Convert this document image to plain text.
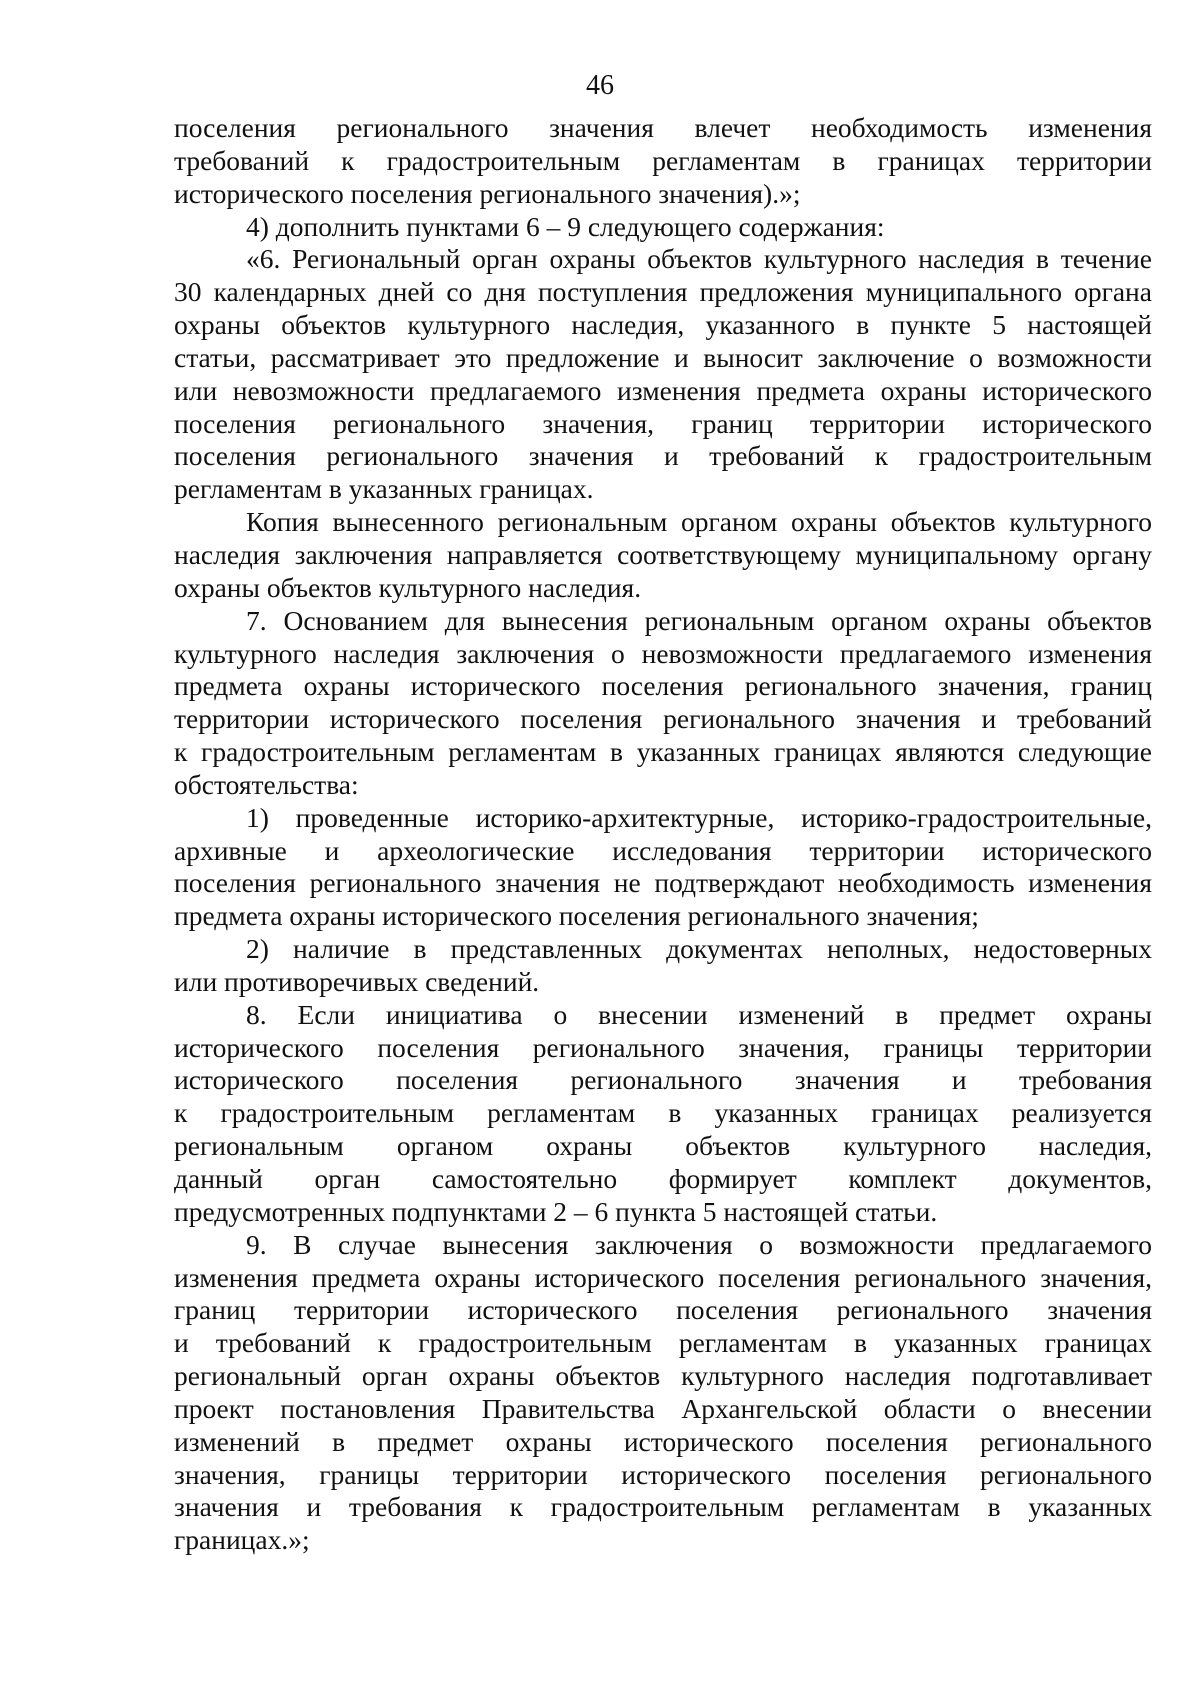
46
поселения регионального значения влечет необходимость изменения
требований к градостроительным регламентам в границах территории
исторического поселения регионального значения).»;
4) дополнить пунктами 6 – 9 следующего содержания:
«6. Региональный орган охраны объектов культурного наследия в течение
30 календарных дней со дня поступления предложения муниципального органа
охраны объектов культурного наследия, указанного в пункте 5 настоящей
статьи, рассматривает это предложение и выносит заключение о возможности
или невозможности предлагаемого изменения предмета охраны исторического
поселения регионального значения, границ территории исторического
поселения регионального значения и требований к градостроительным
регламентам в указанных границах.
Копия вынесенного региональным органом охраны объектов культурного
наследия заключения направляется соответствующему муниципальному органу
охраны объектов культурного наследия.
7. Основанием для вынесения региональным органом охраны объектов
культурного наследия заключения о невозможности предлагаемого изменения
предмета охраны исторического поселения регионального значения, границ
территории исторического поселения регионального значения и требований
к градостроительным регламентам в указанных границах являются следующие
обстоятельства:
1) проведенные историко-архитектурные, историко-градостроительные,
архивные и археологические исследования территории исторического
поселения регионального значения не подтверждают необходимость изменения
предмета охраны исторического поселения регионального значения;
2) наличие в представленных документах неполных, недостоверных
или противоречивых сведений.
8. Если инициатива о внесении изменений в предмет охраны
исторического поселения регионального значения, границы территории
исторического поселения регионального значения и требования
к градостроительным регламентам в указанных границах реализуется
региональным органом охраны объектов культурного наследия,
данный орган самостоятельно формирует комплект документов,
предусмотренных подпунктами 2 – 6 пункта 5 настоящей статьи.
9. В случае вынесения заключения о возможности предлагаемого
изменения предмета охраны исторического поселения регионального значения,
границ территории исторического поселения регионального значения
и требований к градостроительным регламентам в указанных границах
региональный орган охраны объектов культурного наследия подготавливает
проект постановления Правительства Архангельской области о внесении
изменений в предмет охраны исторического поселения регионального
значения, границы территории исторического поселения регионального
значения и требования к градостроительным регламентам в указанных
границах.»;
